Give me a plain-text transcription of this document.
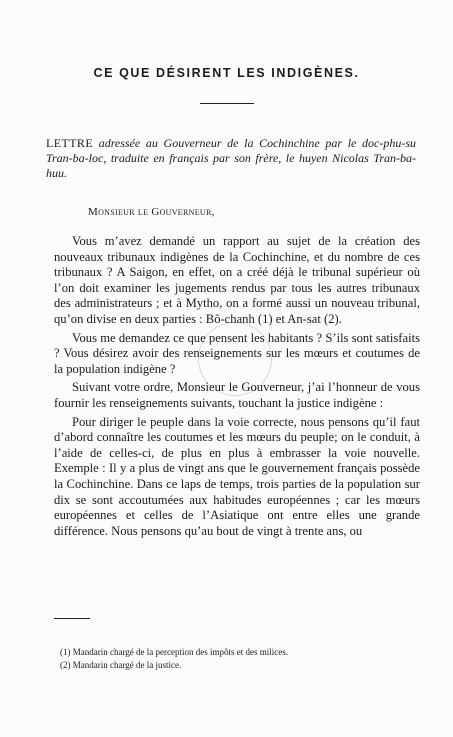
CE QUE DÉSIRENT LES INDIGÈNES.
LETTRE adressée au Gouverneur de la Cochinchine par le doc-phu-su Tran-ba-loc, traduite en français par son frère, le huyen Nicolas Tran-ba-huu.
Monsieur le Gouverneur,

Vous m’avez demandé un rapport au sujet de la création des nouveaux tribunaux indigènes de la Cochinchine, et du nombre de ces tribunaux ? A Saigon, en effet, on a créé déjà le tribunal supérieur où l’on doit examiner les jugements rendus par tous les autres tribunaux des administrateurs ; et à Mytho, on a formé aussi un nouveau tribunal, qu’on divise en deux parties : Bô-chanh (1) et An-sat (2).

Vous me demandez ce que pensent les habitants ? S’ils sont satisfaits ? Vous désirez avoir des renseignements sur les mœurs et coutumes de la population indigène ?

Suivant votre ordre, Monsieur le Gouverneur, j’ai l’honneur de vous fournir les renseignements suivants, touchant la justice indigène :

Pour diriger le peuple dans la voie correcte, nous pensons qu’il faut d’abord connaître les coutumes et les mœurs du peuple; on le conduit, à l’aide de celles-ci, de plus en plus à embrasser la voie nouvelle. Exemple : Il y a plus de vingt ans que le gouvernement français possède la Cochinchine. Dans ce laps de temps, trois parties de la population sur dix se sont accoutumées aux habitudes européennes ; car les mœurs européennes et celles de l’Asiatique ont entre elles une grande différence. Nous pensons qu’au bout de vingt à trente ans, ou

(1) Mandarin chargé de la perception des impôts et des milices.
(2) Mandarin chargé de la justice.
